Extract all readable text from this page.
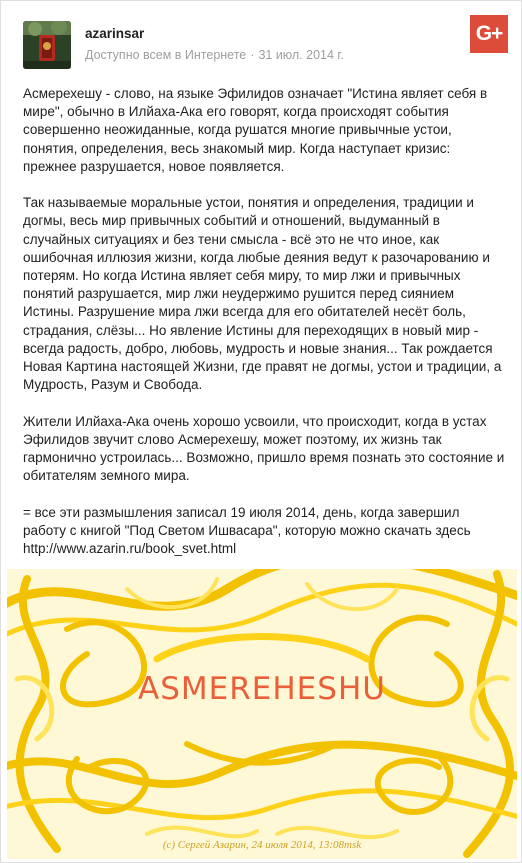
azarinsar
Доступно всем в Интернете · 31 июл. 2014 г.
G+

Асмерехешу - слово, на языке Эфилидов означает "Истина являет себя в мире", обычно в Илйаха-Ака его говорят, когда происходят события совершенно неожиданные, когда рушатся многие привычные устои, понятия, определения, весь знакомый мир. Когда наступает кризис: прежнее разрушается, новое появляется.

Так называемые моральные устои, понятия и определения, традиции и догмы, весь мир привычных событий и отношений, выдуманный в случайных ситуациях и без тени смысла - всё это не что иное, как ошибочная иллюзия жизни, когда любые деяния ведут к разочарованию и потерям. Но когда Истина являет себя миру, то мир лжи и привычных понятий разрушается, мир лжи неудержимо рушится перед сиянием Истины. Разрушение мира лжи всегда для его обитателей несёт боль, страдания, слёзы... Но явление Истины для переходящих в новый мир - всегда радость, добро, любовь, мудрость и новые знания... Так рождается Новая Картина настоящей Жизни, где правят не догмы, устои и традиции, а Мудрость, Разум и Свобода.

Жители Илйаха-Ака очень хорошо усвоили, что происходит, когда в устах Эфилидов звучит слово Асмерехешу, может поэтому, их жизнь так гармонично устроилась... Возможно, пришло время познать это состояние и обитателям земного мира.

= все эти размышления записал 19 июля 2014, день, когда завершил работу с книгой "Под Светом Ишвасара", которую можно скачать здесь http://www.azarin.ru/book_svet.html

ASMEREHESHU
(c) Сергей Азарин, 24 июля 2014, 13:08msk
